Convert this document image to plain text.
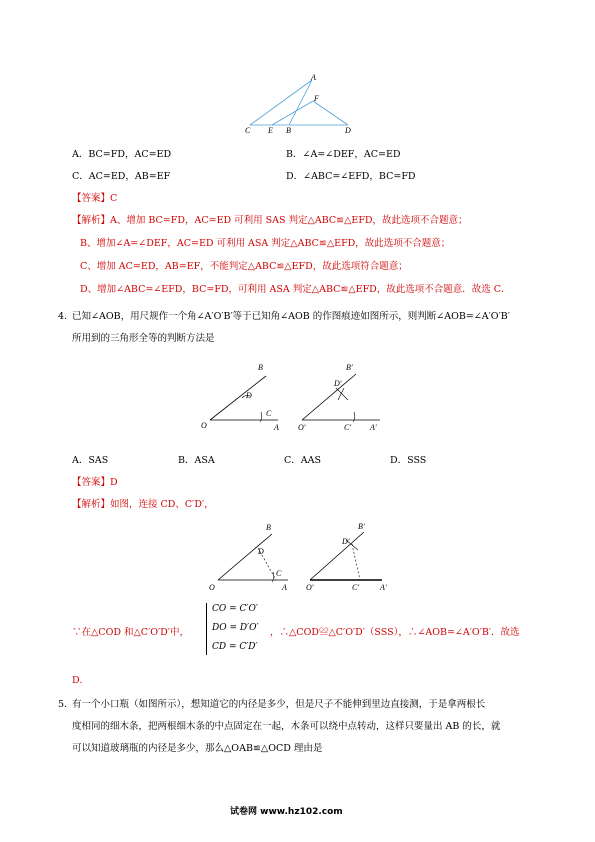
A
F
C E B	D
A．BC=FD，AC=ED	B．∠A=∠DEF，AC=ED
C．AC=ED，AB=EF	D．∠ABC=∠EFD，BC=FD
【答案】C
【解析】A、增加 BC=FD，AC=ED 可利用 SAS 判定△ABC≌△EFD，故此选项不合题意；
B、增加∠A=∠DEF，AC=ED 可利用 ASA 判定△ABC≌△EFD，故此选项不合题意；
C、增加 AC=ED，AB=EF，不能判定△ABC≌△EFD，故此选项符合题意；
D、增加∠ABC=∠EFD，BC=FD，可利用 ASA 判定△ABC≌△EFD，故此选项不合题意．故选 C．
4. 已知∠AOB，用尺规作一个角∠A′O′B′等于已知角∠AOB 的作图痕迹如图所示，则判断∠AOB=∠A′O′B′
所用到的三角形全等的判断方法是
O	A
B
C
D
O′	A′
B′
C′
D′
A．SAS	B．ASA	C．AAS	D．SSS
【答案】D
【解析】如图，连接 CD、C′D′，
O	A
B
C
D
O′	A′
B′
C′
D′
∵在△COD 和△C′O′D′中，
CO = C′O′
DO = D′O′
CD = C′D′
，∴△COD≌△C′O′D′（SSS），∴∠AOB=∠A′O′B′．故选
D．
5. 有一个小口瓶（如图所示），想知道它的内径是多少，但是尺子不能伸到里边直接测，于是拿两根长
度相同的细木条，把两根细木条的中点固定在一起，木条可以绕中点转动，这样只要量出 AB 的长，就
可以知道玻璃瓶的内径是多少，那么△OAB≌△OCD 理由是
试卷网 www.hz102.com
